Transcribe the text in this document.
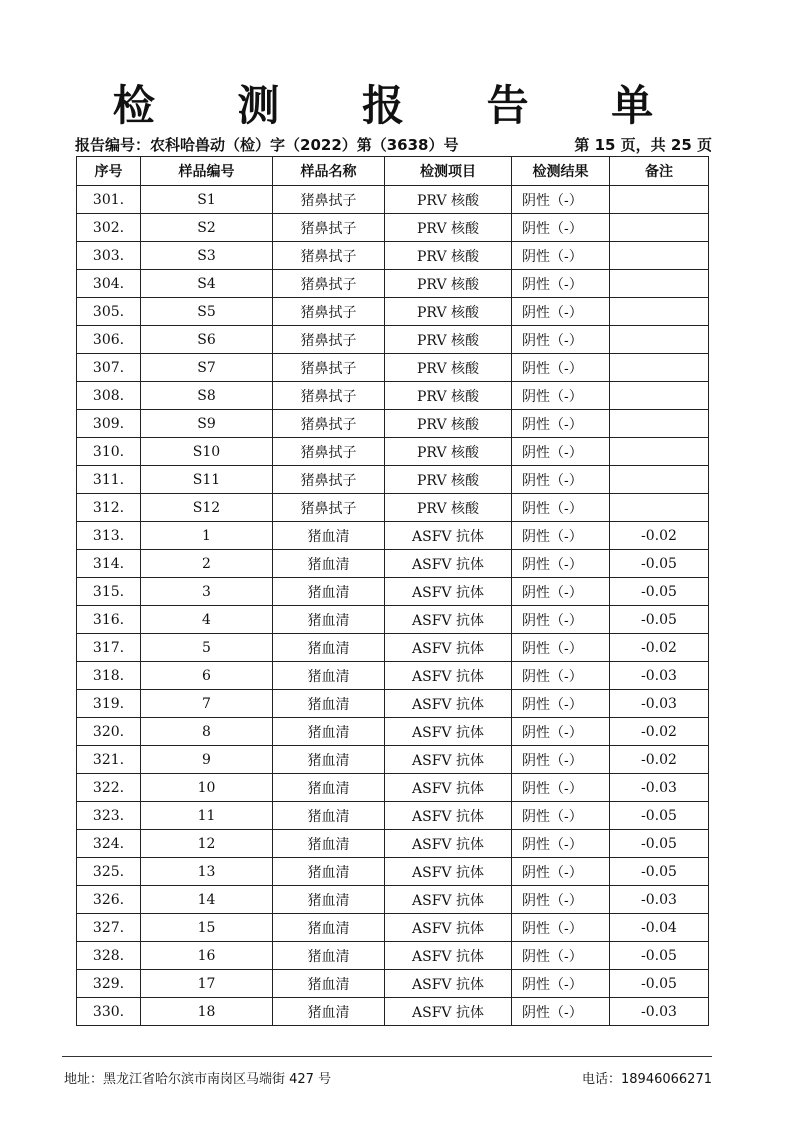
检 测 报 告 单
报告编号：农科哈兽动（检）字（2022）第（3638）号	第 15 页，共 25 页
序号	样品编号	样品名称	检测项目	检测结果	备注
301.	S1	猪鼻拭子	PRV 核酸	阴性（-）	
302.	S2	猪鼻拭子	PRV 核酸	阴性（-）	
303.	S3	猪鼻拭子	PRV 核酸	阴性（-）	
304.	S4	猪鼻拭子	PRV 核酸	阴性（-）	
305.	S5	猪鼻拭子	PRV 核酸	阴性（-）	
306.	S6	猪鼻拭子	PRV 核酸	阴性（-）	
307.	S7	猪鼻拭子	PRV 核酸	阴性（-）	
308.	S8	猪鼻拭子	PRV 核酸	阴性（-）	
309.	S9	猪鼻拭子	PRV 核酸	阴性（-）	
310.	S10	猪鼻拭子	PRV 核酸	阴性（-）	
311.	S11	猪鼻拭子	PRV 核酸	阴性（-）	
312.	S12	猪鼻拭子	PRV 核酸	阴性（-）	
313.	1	猪血清	ASFV 抗体	阴性（-）	-0.02
314.	2	猪血清	ASFV 抗体	阴性（-）	-0.05
315.	3	猪血清	ASFV 抗体	阴性（-）	-0.05
316.	4	猪血清	ASFV 抗体	阴性（-）	-0.05
317.	5	猪血清	ASFV 抗体	阴性（-）	-0.02
318.	6	猪血清	ASFV 抗体	阴性（-）	-0.03
319.	7	猪血清	ASFV 抗体	阴性（-）	-0.03
320.	8	猪血清	ASFV 抗体	阴性（-）	-0.02
321.	9	猪血清	ASFV 抗体	阴性（-）	-0.02
322.	10	猪血清	ASFV 抗体	阴性（-）	-0.03
323.	11	猪血清	ASFV 抗体	阴性（-）	-0.05
324.	12	猪血清	ASFV 抗体	阴性（-）	-0.05
325.	13	猪血清	ASFV 抗体	阴性（-）	-0.05
326.	14	猪血清	ASFV 抗体	阴性（-）	-0.03
327.	15	猪血清	ASFV 抗体	阴性（-）	-0.04
328.	16	猪血清	ASFV 抗体	阴性（-）	-0.05
329.	17	猪血清	ASFV 抗体	阴性（-）	-0.05
330.	18	猪血清	ASFV 抗体	阴性（-）	-0.03
地址：黑龙江省哈尔滨市南岗区马端街 427 号	电话：18946066271
